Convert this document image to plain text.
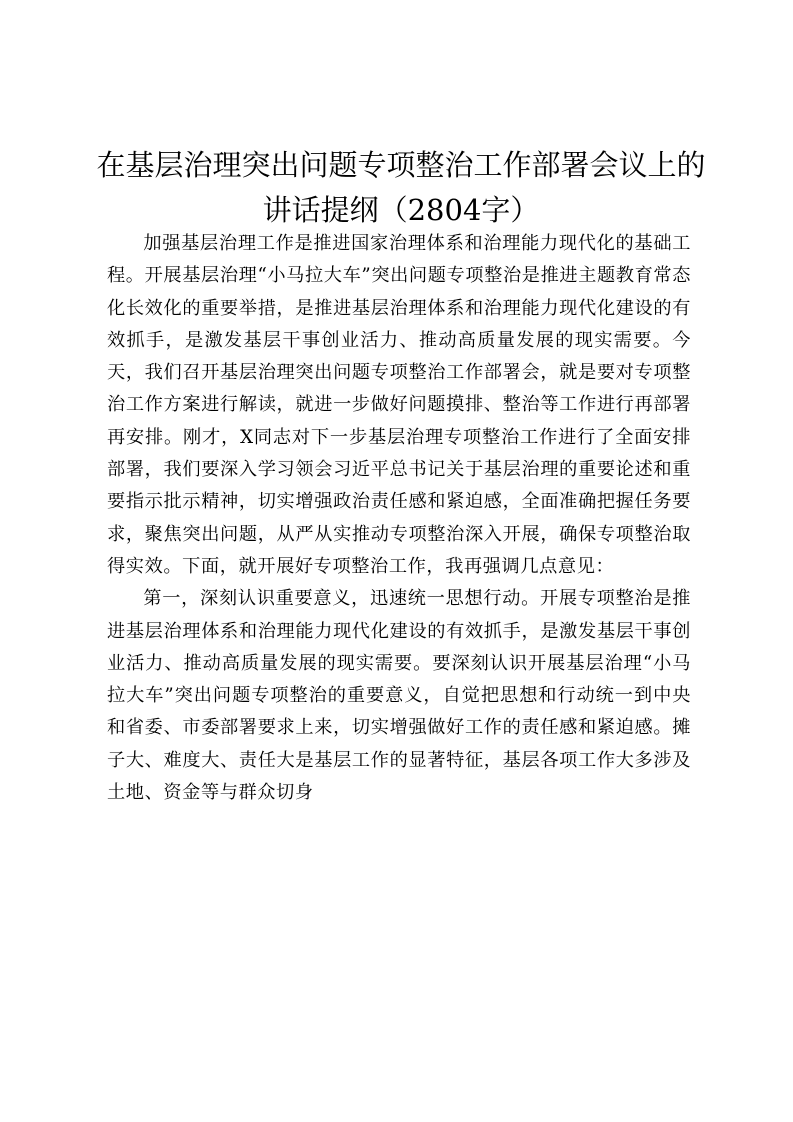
在基层治理突出问题专项整治工作部署会议上的讲话提纲（2804字）

加强基层治理工作是推进国家治理体系和治理能力现代化的基础工程。开展基层治理“小马拉大车”突出问题专项整治是推进主题教育常态化长效化的重要举措，是推进基层治理体系和治理能力现代化建设的有效抓手，是激发基层干事创业活力、推动高质量发展的现实需要。今天，我们召开基层治理突出问题专项整治工作部署会，就是要对专项整治工作方案进行解读，就进一步做好问题摸排、整治等工作进行再部署再安排。刚才，X同志对下一步基层治理专项整治工作进行了全面安排部署，我们要深入学习领会习近平总书记关于基层治理的重要论述和重要指示批示精神，切实增强政治责任感和紧迫感，全面准确把握任务要求，聚焦突出问题，从严从实推动专项整治深入开展，确保专项整治取得实效。下面，就开展好专项整治工作，我再强调几点意见：

第一，深刻认识重要意义，迅速统一思想行动。开展专项整治是推进基层治理体系和治理能力现代化建设的有效抓手，是激发基层干事创业活力、推动高质量发展的现实需要。要深刻认识开展基层治理“小马拉大车”突出问题专项整治的重要意义，自觉把思想和行动统一到中央和省委、市委部署要求上来，切实增强做好工作的责任感和紧迫感。摊子大、难度大、责任大是基层工作的显著特征，基层各项工作大多涉及土地、资金等与群众切身
